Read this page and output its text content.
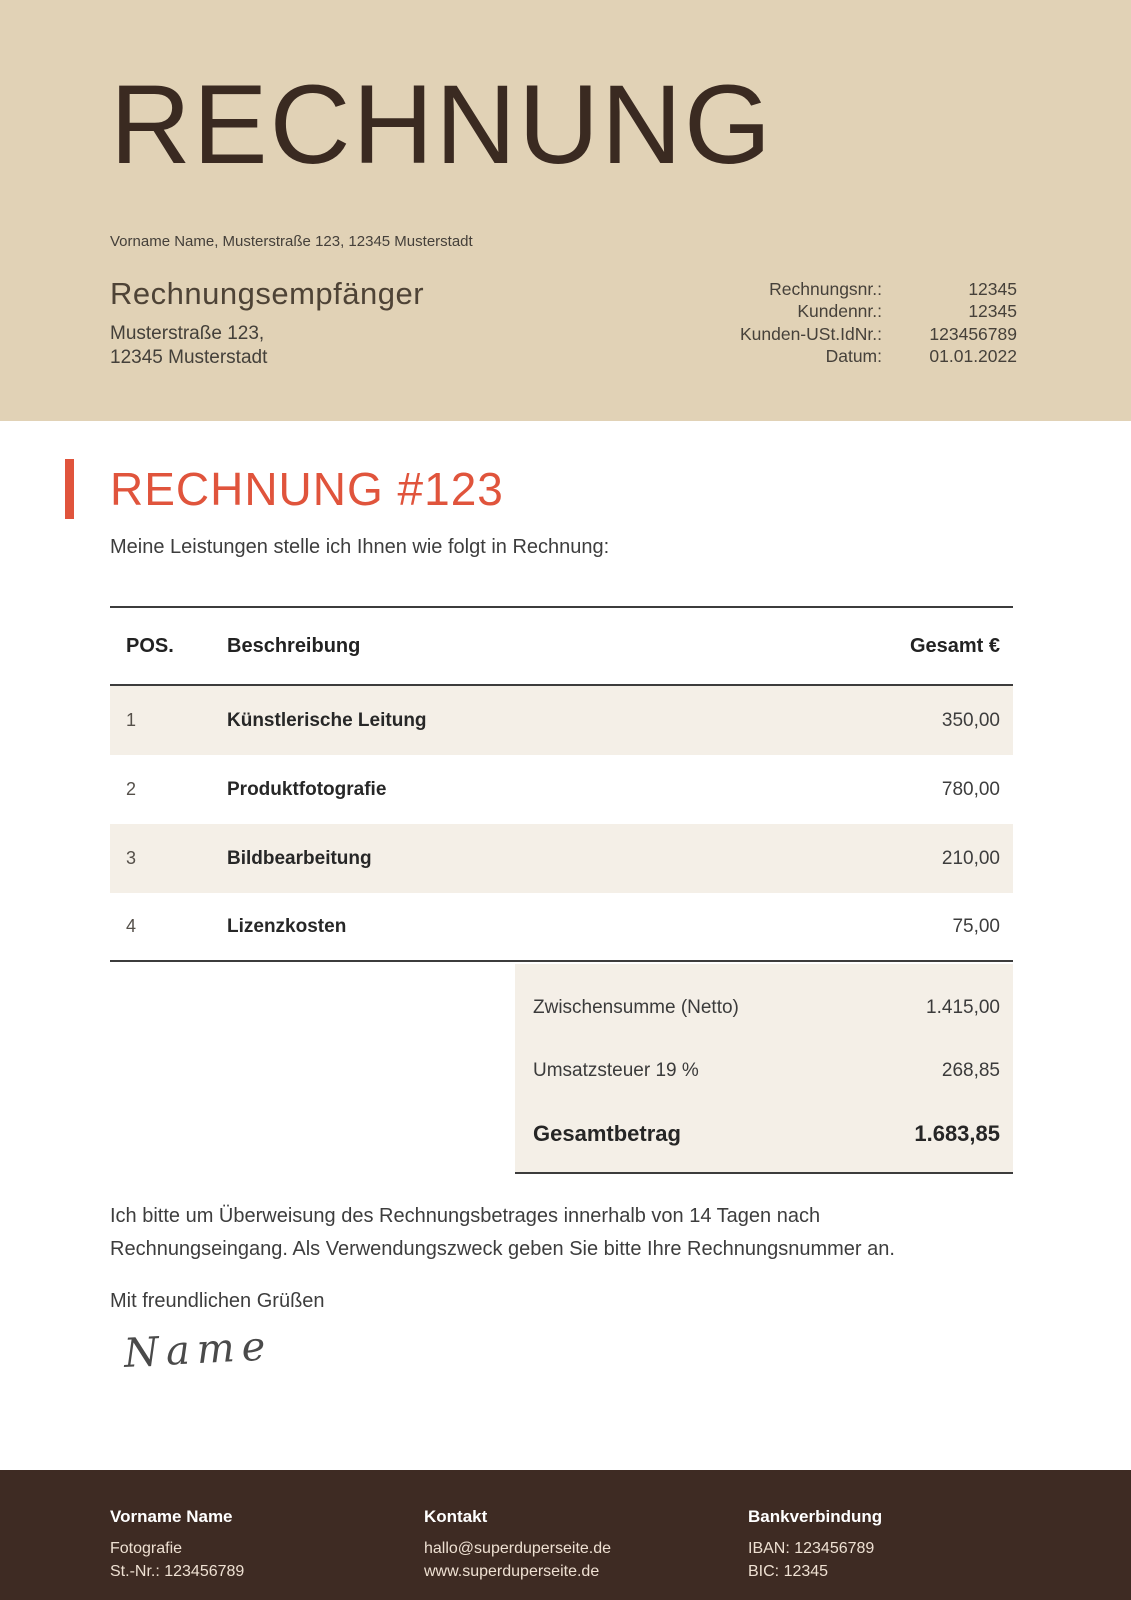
RECHNUNG
Vorname Name, Musterstraße 123, 12345 Musterstadt
Rechnungsempfänger
Musterstraße 123,
12345 Musterstadt
Rechnungsnr.:	12345
Kundennr.:	12345
Kunden-USt.IdNr.:	123456789
Datum:	01.01.2022
RECHNUNG #123
Meine Leistungen stelle ich Ihnen wie folgt in Rechnung:
POS.	Beschreibung	Gesamt €
1	Künstlerische Leitung	350,00
2	Produktfotografie	780,00
3	Bildbearbeitung	210,00
4	Lizenzkosten	75,00
Zwischensumme (Netto)	1.415,00
Umsatzsteuer 19 %	268,85
Gesamtbetrag	1.683,85
Ich bitte um Überweisung des Rechnungsbetrages innerhalb von 14 Tagen nach Rechnungseingang. Als Verwendungszweck geben Sie bitte Ihre Rechnungsnummer an.
Mit freundlichen Grüßen
Name
Vorname Name
Fotografie
St.-Nr.: 123456789
Kontakt
hallo@superduperseite.de
www.superduperseite.de
Bankverbindung
IBAN: 123456789
BIC: 12345
